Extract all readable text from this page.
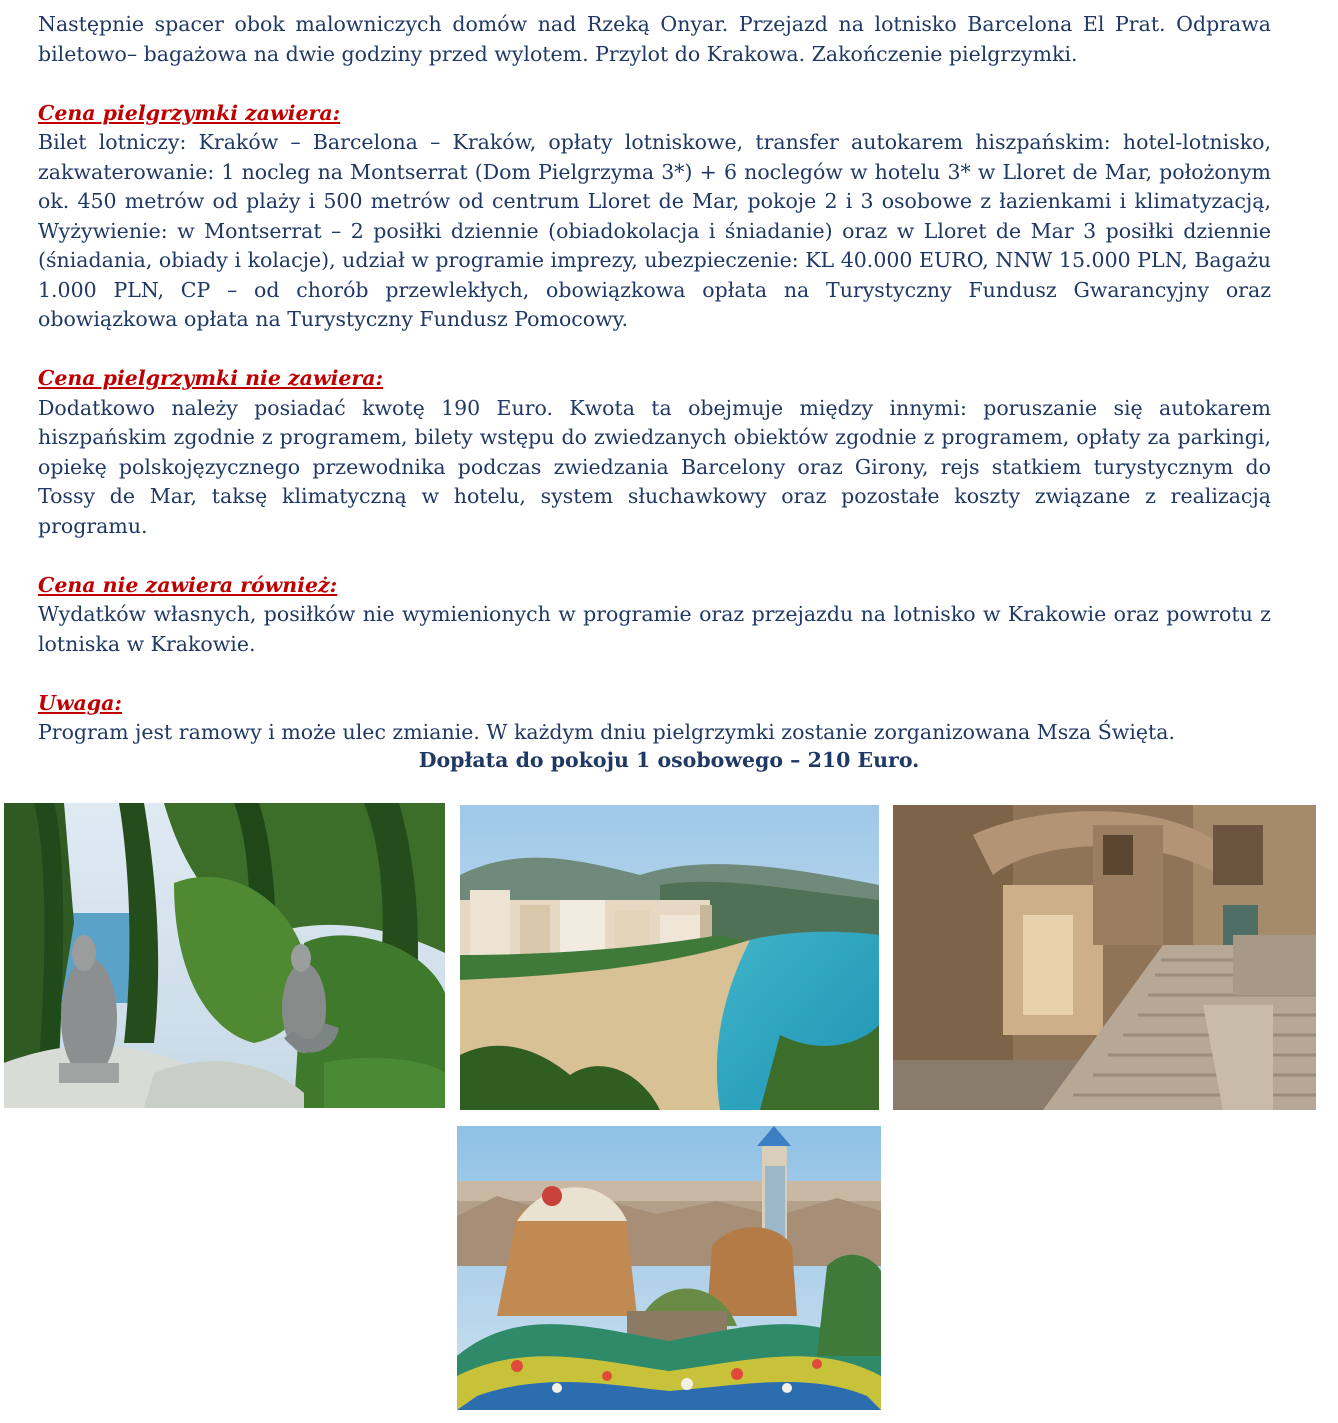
Następnie spacer obok malowniczych domów nad Rzeką Onyar. Przejazd na lotnisko Barcelona El Prat. Odprawa biletowo– bagażowa na dwie godziny przed wylotem. Przylot do Krakowa. Zakończenie pielgrzymki.

Cena pielgrzymki zawiera:

Bilet lotniczy: Kraków – Barcelona – Kraków, opłaty lotniskowe, transfer autokarem hiszpańskim: hotel-lotnisko, zakwaterowanie: 1 nocleg na Montserrat (Dom Pielgrzyma 3*) + 6 noclegów w hotelu 3* w Lloret de Mar, położonym ok. 450 metrów od plaży i 500 metrów od centrum Lloret de Mar, pokoje 2 i 3 osobowe z łazienkami i klimatyzacją, Wyżywienie: w Montserrat – 2 posiłki dziennie (obiadokolacja i śniadanie) oraz w Lloret de Mar 3 posiłki dziennie (śniadania, obiady i kolacje), udział w programie imprezy, ubezpieczenie: KL 40.000 EURO, NNW 15.000 PLN, Bagażu 1.000 PLN, CP – od chorób przewlekłych, obowiązkowa opłata na Turystyczny Fundusz Gwarancyjny oraz obowiązkowa opłata na Turystyczny Fundusz Pomocowy.

Cena pielgrzymki nie zawiera:

Dodatkowo należy posiadać kwotę 190 Euro. Kwota ta obejmuje między innymi: poruszanie się autokarem hiszpańskim zgodnie z programem, bilety wstępu do zwiedzanych obiektów zgodnie z programem, opłaty za parkingi, opiekę polskojęzycznego przewodnika podczas zwiedzania Barcelony oraz Girony, rejs statkiem turystycznym do Tossy de Mar, taksę klimatyczną w hotelu, system słuchawkowy oraz pozostałe koszty związane z realizacją programu.

Cena nie zawiera również:

Wydatków własnych, posiłków nie wymienionych w programie oraz przejazdu na lotnisko w Krakowie oraz powrotu z lotniska w Krakowie.

Uwaga:

Program jest ramowy i może ulec zmianie. W każdym dniu pielgrzymki zostanie zorganizowana Msza Święta.

Dopłata do pokoju 1 osobowego – 210 Euro.
